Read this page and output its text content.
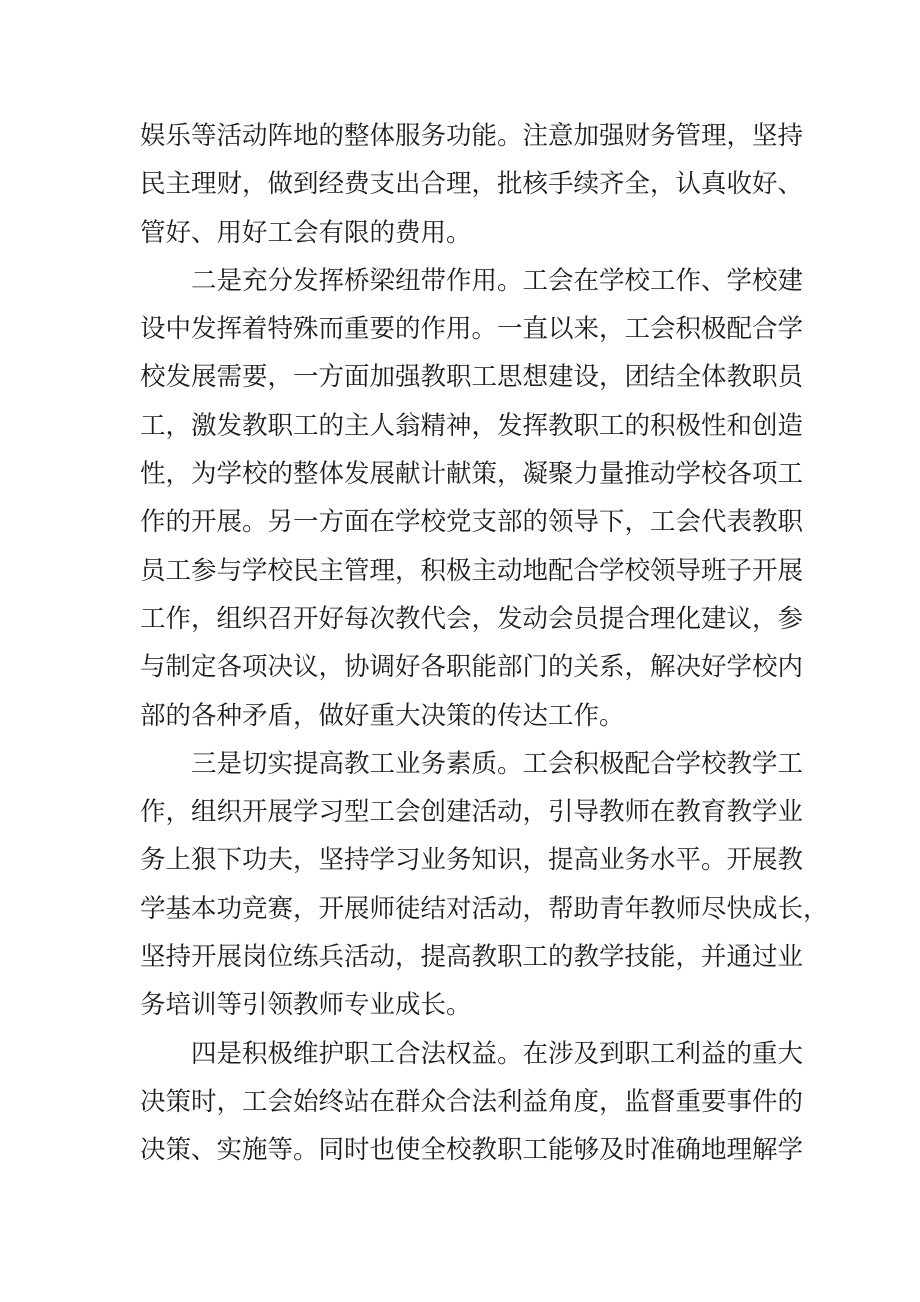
娱乐等活动阵地的整体服务功能。注意加强财务管理，坚持
民主理财，做到经费支出合理，批核手续齐全，认真收好、
管好、用好工会有限的费用。
二是充分发挥桥梁纽带作用。工会在学校工作、学校建
设中发挥着特殊而重要的作用。一直以来，工会积极配合学
校发展需要，一方面加强教职工思想建设，团结全体教职员
工，激发教职工的主人翁精神，发挥教职工的积极性和创造
性，为学校的整体发展献计献策，凝聚力量推动学校各项工
作的开展。另一方面在学校党支部的领导下，工会代表教职
员工参与学校民主管理，积极主动地配合学校领导班子开展
工作，组织召开好每次教代会，发动会员提合理化建议，参
与制定各项决议，协调好各职能部门的关系，解决好学校内
部的各种矛盾，做好重大决策的传达工作。
三是切实提高教工业务素质。工会积极配合学校教学工
作，组织开展学习型工会创建活动，引导教师在教育教学业
务上狠下功夫，坚持学习业务知识，提高业务水平。开展教
学基本功竞赛，开展师徒结对活动，帮助青年教师尽快成长，
坚持开展岗位练兵活动，提高教职工的教学技能，并通过业
务培训等引领教师专业成长。
四是积极维护职工合法权益。在涉及到职工利益的重大
决策时，工会始终站在群众合法利益角度，监督重要事件的
决策、实施等。同时也使全校教职工能够及时准确地理解学
